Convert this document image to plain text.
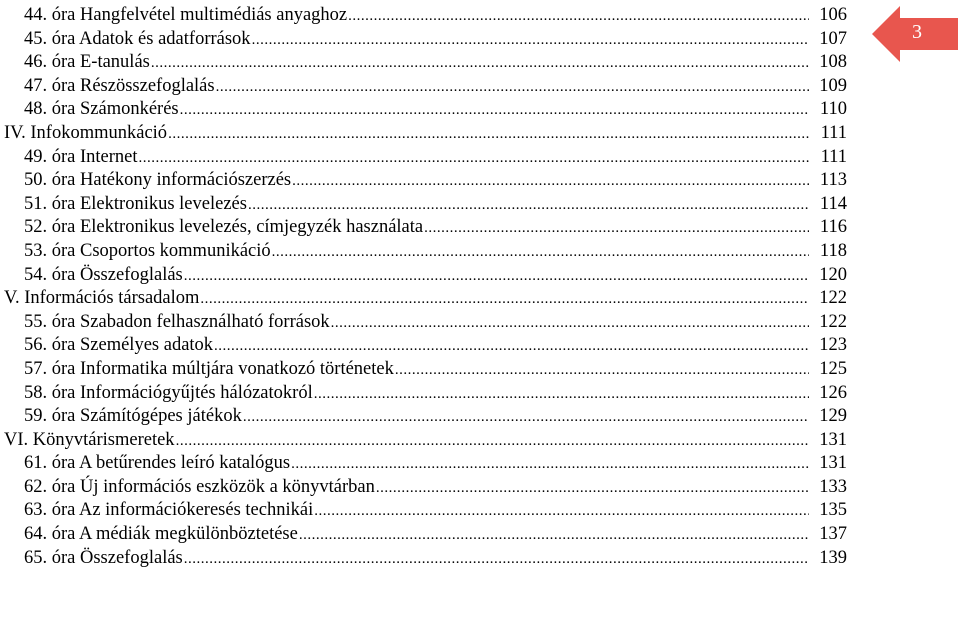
44. óra Hangfelvétel multimédiás anyaghoz .....	106
45. óra Adatok és adatforrások .....	107
46. óra E-tanulás .....	108
47. óra Részösszefoglalás .....	109
48. óra Számonkérés .....	110
IV. Infokommunkáció .....	111
49. óra Internet .....	111
50. óra Hatékony információszerzés .....	113
51. óra Elektronikus levelezés .....	114
52. óra Elektronikus levelezés, címjegyzék használata .....	116
53. óra Csoportos kommunikáció .....	118
54. óra Összefoglalás .....	120
V. Információs társadalom .....	122
55. óra Szabadon felhasználható források .....	122
56. óra Személyes adatok .....	123
57. óra Informatika múltjára vonatkozó történetek .....	125
58. óra Információgyűjtés hálózatokról .....	126
59. óra Számítógépes játékok .....	129
VI. Könyvtárismeretek .....	131
61. óra A betűrendes leíró katalógus .....	131
62. óra Új információs eszközök a könyvtárban .....	133
63. óra Az információkeresés technikái .....	135
64. óra A médiák megkülönböztetése .....	137
65. óra Összefoglalás .....	139
3
